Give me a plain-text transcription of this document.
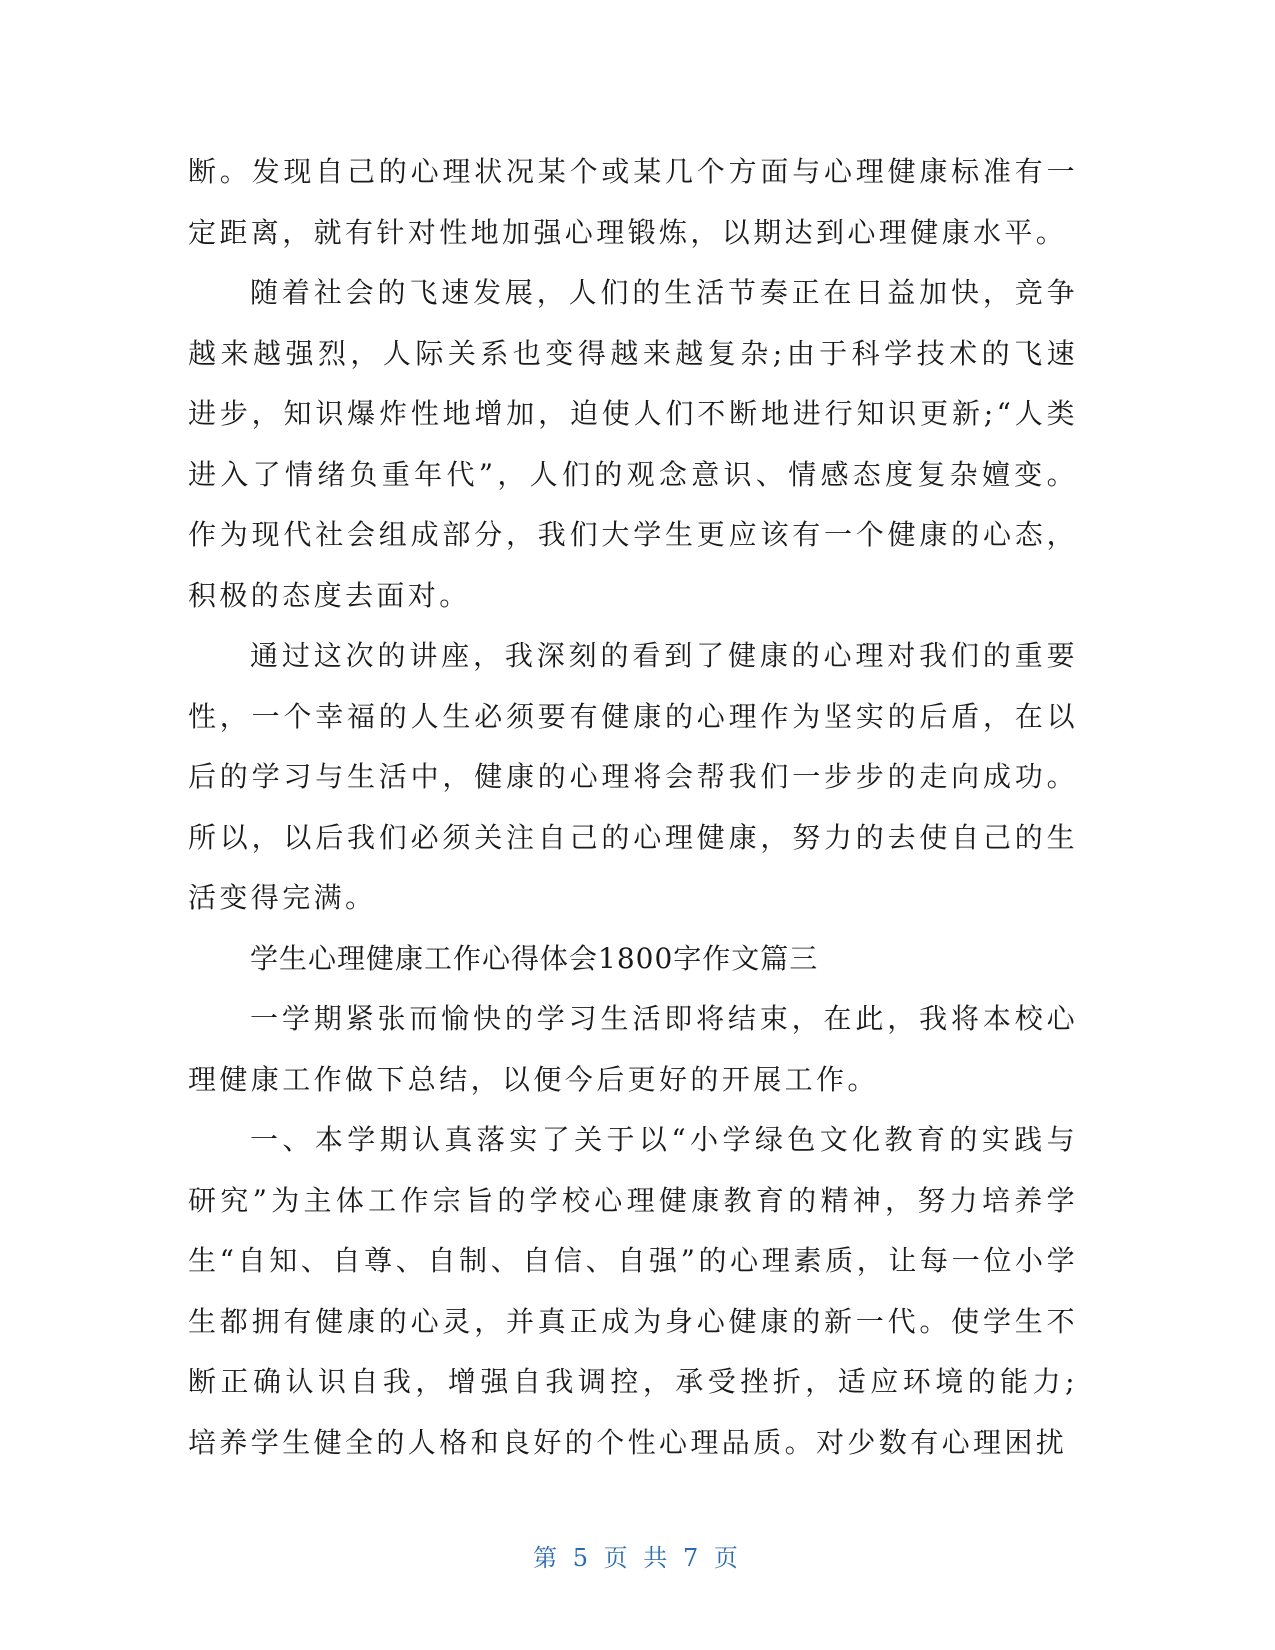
断。发现自己的心理状况某个或某几个方面与心理健康标准有一定距离，就有针对性地加强心理锻炼，以期达到心理健康水平。

随着社会的飞速发展，人们的生活节奏正在日益加快，竞争越来越强烈，人际关系也变得越来越复杂;由于科学技术的飞速进步，知识爆炸性地增加，迫使人们不断地进行知识更新;“人类进入了情绪负重年代”，人们的观念意识、情感态度复杂嬗变。作为现代社会组成部分，我们大学生更应该有一个健康的心态，积极的态度去面对。

通过这次的讲座，我深刻的看到了健康的心理对我们的重要性，一个幸福的人生必须要有健康的心理作为坚实的后盾，在以后的学习与生活中，健康的心理将会帮我们一步步的走向成功。所以，以后我们必须关注自己的心理健康，努力的去使自己的生活变得完满。

学生心理健康工作心得体会1800字作文篇三

一学期紧张而愉快的学习生活即将结束，在此，我将本校心理健康工作做下总结，以便今后更好的开展工作。

一、本学期认真落实了关于以“小学绿色文化教育的实践与研究”为主体工作宗旨的学校心理健康教育的精神，努力培养学生“自知、自尊、自制、自信、自强”的心理素质，让每一位小学生都拥有健康的心灵，并真正成为身心健康的新一代。使学生不断正确认识自我，增强自我调控，承受挫折，适应环境的能力;培养学生健全的人格和良好的个性心理品质。对少数有心理困扰

第 5 页 共 7 页
